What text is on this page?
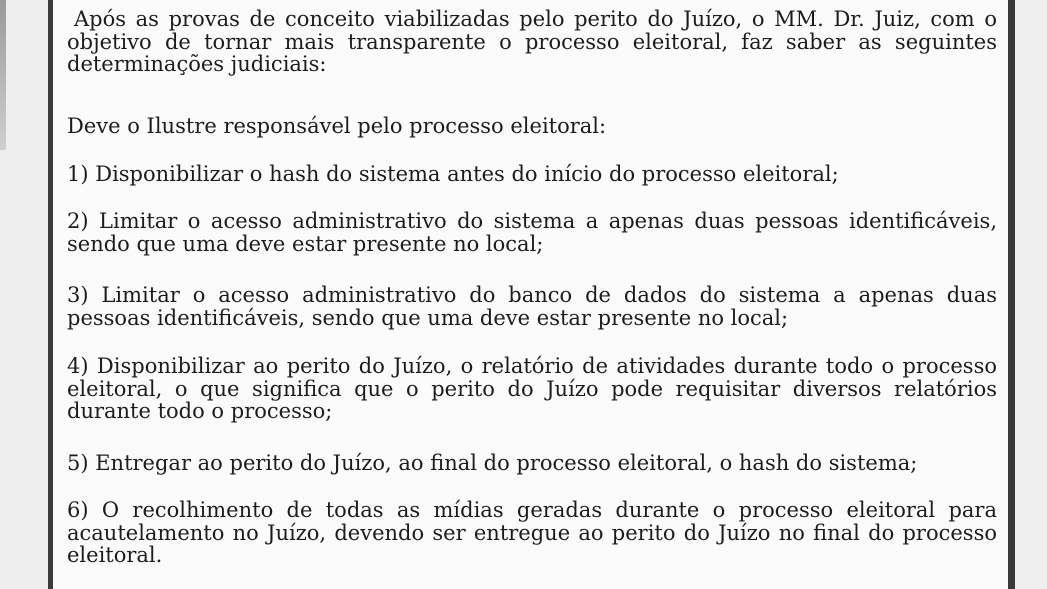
Após as provas de conceito viabilizadas pelo perito do Juízo, o MM. Dr. Juiz, com o objetivo de tornar mais transparente o processo eleitoral, faz saber as seguintes determinações judiciais:

Deve o Ilustre responsável pelo processo eleitoral:

1) Disponibilizar o hash do sistema antes do início do processo eleitoral;

2) Limitar o acesso administrativo do sistema a apenas duas pessoas identificáveis, sendo que uma deve estar presente no local;

3) Limitar o acesso administrativo do banco de dados do sistema a apenas duas pessoas identificáveis, sendo que uma deve estar presente no local;

4) Disponibilizar ao perito do Juízo, o relatório de atividades durante todo o processo eleitoral, o que significa que o perito do Juízo pode requisitar diversos relatórios durante todo o processo;

5) Entregar ao perito do Juízo, ao final do processo eleitoral, o hash do sistema;

6) O recolhimento de todas as mídias geradas durante o processo eleitoral para acautelamento no Juízo, devendo ser entregue ao perito do Juízo no final do processo eleitoral.
